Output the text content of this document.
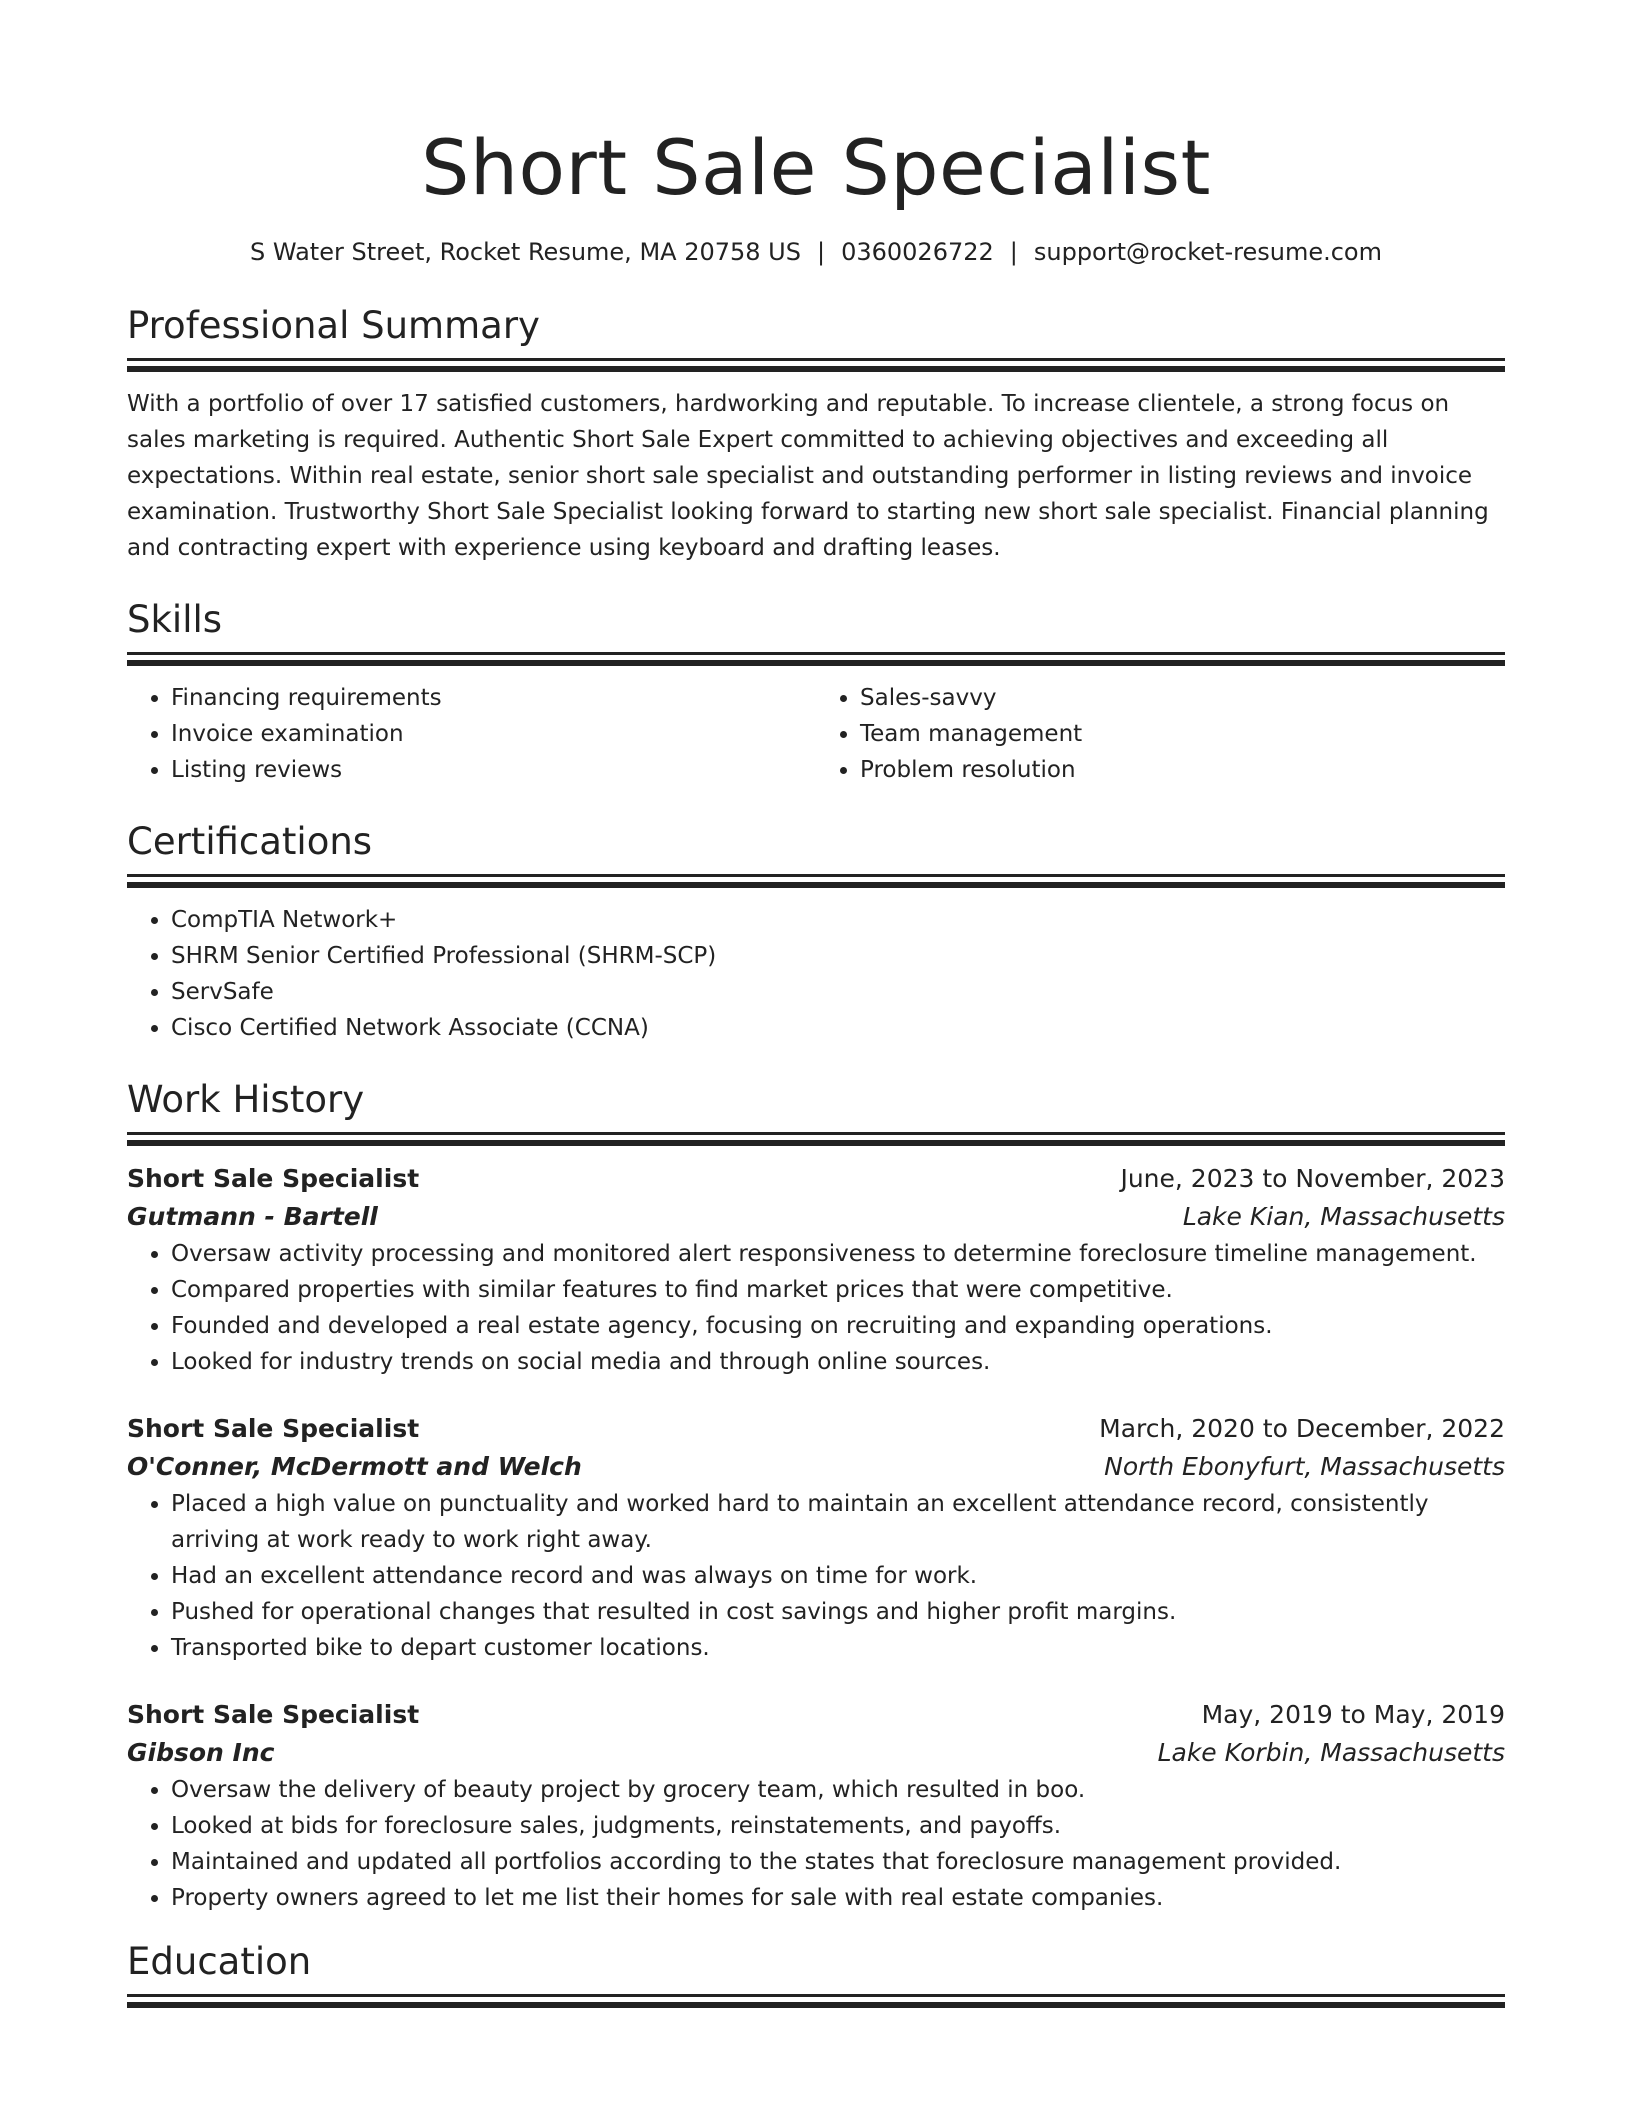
Short Sale Specialist
S Water Street, Rocket Resume, MA 20758 US | 0360026722 | support@rocket-resume.com
Professional Summary

With a portfolio of over 17 satisfied customers, hardworking and reputable. To increase clientele, a strong focus on sales marketing is required. Authentic Short Sale Expert committed to achieving objectives and exceeding all expectations. Within real estate, senior short sale specialist and outstanding performer in listing reviews and invoice examination. Trustworthy Short Sale Specialist looking forward to starting new short sale specialist. Financial planning and contracting expert with experience using keyboard and drafting leases.

Skills
• Financing requirements
• Invoice examination
• Listing reviews
• Sales-savvy
• Team management
• Problem resolution
Certifications
• CompTIA Network+
• SHRM Senior Certified Professional (SHRM-SCP)
• ServSafe
• Cisco Certified Network Associate (CCNA)
Work History
Short Sale Specialist	June, 2023 to November, 2023
Gutmann - Bartell	Lake Kian, Massachusetts
• Oversaw activity processing and monitored alert responsiveness to determine foreclosure timeline management.
• Compared properties with similar features to find market prices that were competitive.
• Founded and developed a real estate agency, focusing on recruiting and expanding operations.
• Looked for industry trends on social media and through online sources.
Short Sale Specialist	March, 2020 to December, 2022
O'Conner, McDermott and Welch	North Ebonyfurt, Massachusetts
• Placed a high value on punctuality and worked hard to maintain an excellent attendance record, consistently arriving at work ready to work right away.
• Had an excellent attendance record and was always on time for work.
• Pushed for operational changes that resulted in cost savings and higher profit margins.
• Transported bike to depart customer locations.
Short Sale Specialist	May, 2019 to May, 2019
Gibson Inc	Lake Korbin, Massachusetts
• Oversaw the delivery of beauty project by grocery team, which resulted in boo.
• Looked at bids for foreclosure sales, judgments, reinstatements, and payoffs.
• Maintained and updated all portfolios according to the states that foreclosure management provided.
• Property owners agreed to let me list their homes for sale with real estate companies.
Education
